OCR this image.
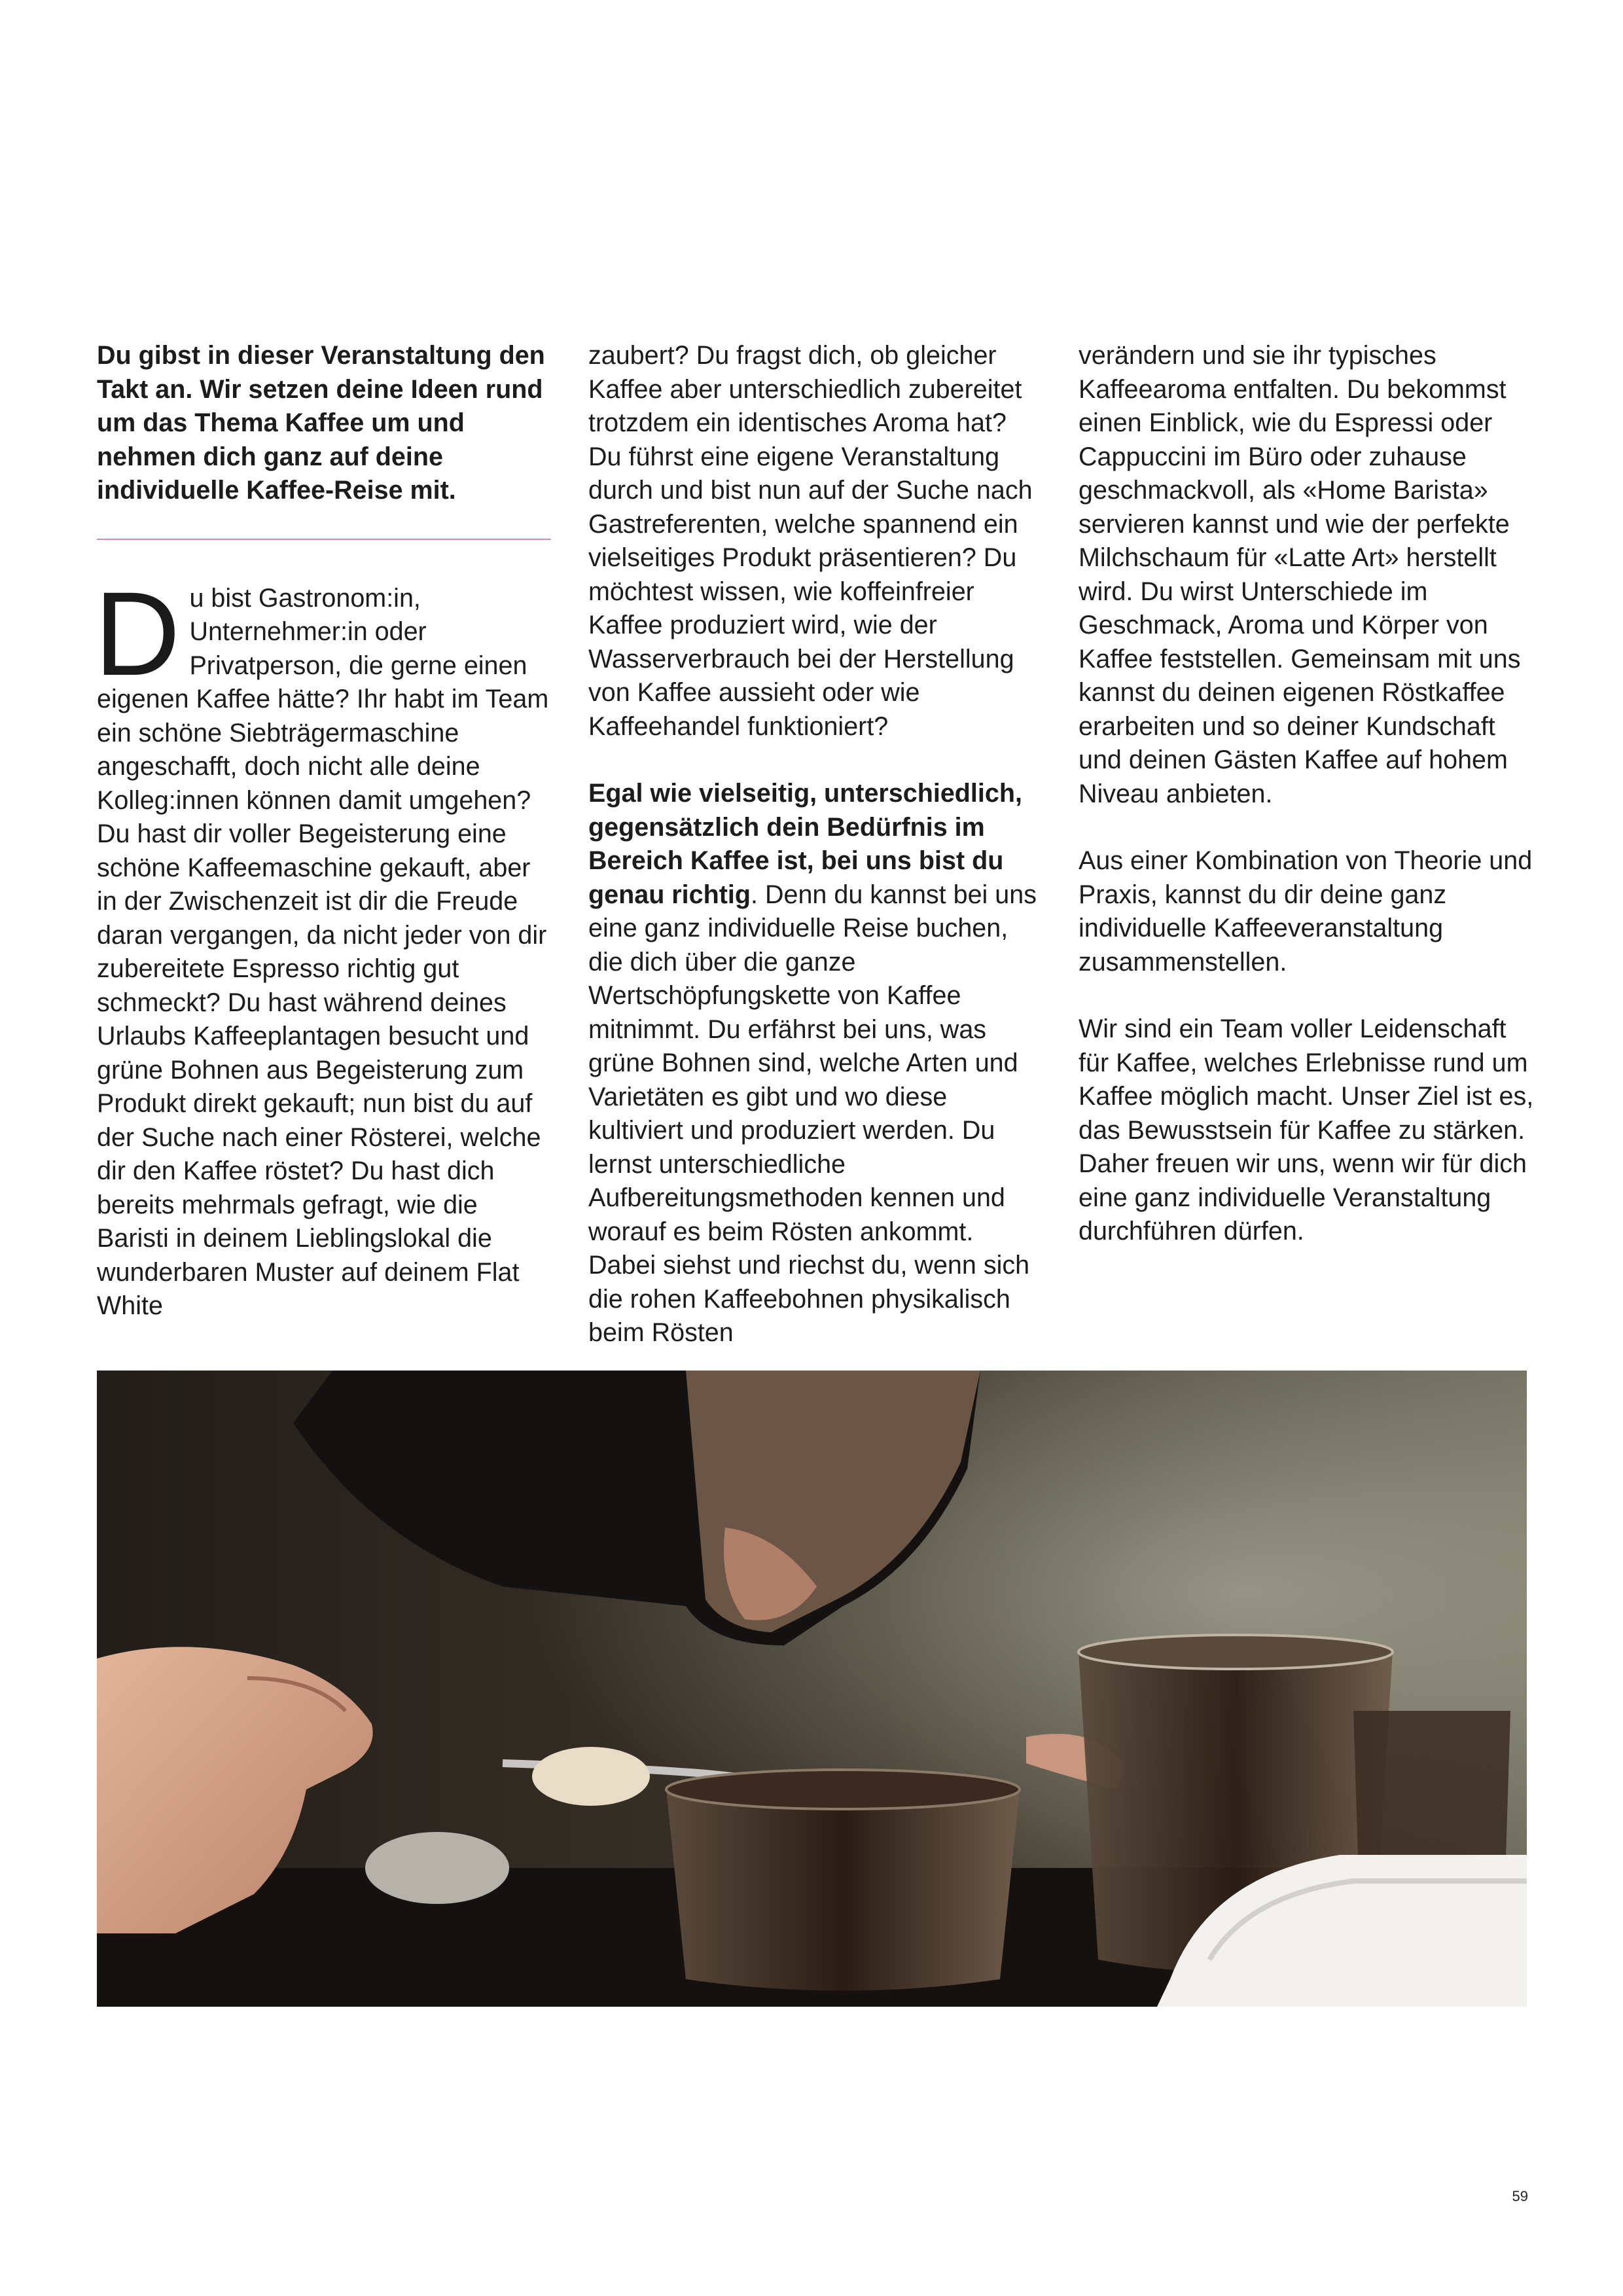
Du gibst in dieser Veranstaltung den Takt an. Wir setzen deine Ideen rund um das Thema Kaffee um und nehmen dich ganz auf deine individuelle Kaffee-Reise mit.

Du bist Gastronom:in, Unternehmer:in oder Privatperson, die gerne einen eigenen Kaffee hätte? Ihr habt im Team ein schöne Siebträgermaschine angeschafft, doch nicht alle deine Kolleg:innen können damit umgehen? Du hast dir voller Begeisterung eine schöne Kaffeemaschine gekauft, aber in der Zwischenzeit ist dir die Freude daran vergangen, da nicht jeder von dir zubereitete Espresso richtig gut schmeckt? Du hast während deines Urlaubs Kaffeeplantagen besucht und grüne Bohnen aus Begeisterung zum Produkt direkt gekauft; nun bist du auf der Suche nach einer Rösterei, welche dir den Kaffee röstet? Du hast dich bereits mehrmals gefragt, wie die Baristi in deinem Lieblingslokal die wunderbaren Muster auf deinem Flat White

zaubert? Du fragst dich, ob gleicher Kaffee aber unterschiedlich zubereitet trotzdem ein identisches Aroma hat? Du führst eine eigene Veranstaltung durch und bist nun auf der Suche nach Gastreferenten, welche spannend ein vielseitiges Produkt präsentieren? Du möchtest wissen, wie koffeinfreier Kaffee produziert wird, wie der Wasserverbrauch bei der Herstellung von Kaffee aussieht oder wie Kaffeehandel funktioniert?

Egal wie vielseitig, unterschiedlich, gegensätzlich dein Bedürfnis im Bereich Kaffee ist, bei uns bist du genau richtig. Denn du kannst bei uns eine ganz individuelle Reise buchen, die dich über die ganze Wertschöpfungskette von Kaffee mitnimmt. Du erfährst bei uns, was grüne Bohnen sind, welche Arten und Varietäten es gibt und wo diese kultiviert und produziert werden. Du lernst unterschiedliche Aufbereitungsmethoden kennen und worauf es beim Rösten ankommt. Dabei siehst und riechst du, wenn sich die rohen Kaffeebohnen physikalisch beim Rösten

verändern und sie ihr typisches Kaffeearoma entfalten. Du bekommst einen Einblick, wie du Espressi oder Cappuccini im Büro oder zuhause geschmackvoll, als «Home Barista» servieren kannst und wie der perfekte Milchschaum für «Latte Art» herstellt wird. Du wirst Unterschiede im Geschmack, Aroma und Körper von Kaffee feststellen. Gemeinsam mit uns kannst du deinen eigenen Röstkaffee erarbeiten und so deiner Kundschaft und deinen Gästen Kaffee auf hohem Niveau anbieten.

Aus einer Kombination von Theorie und Praxis, kannst du dir deine ganz individuelle Kaffeeveranstaltung zusammenstellen.

Wir sind ein Team voller Leidenschaft für Kaffee, welches Erlebnisse rund um Kaffee möglich macht. Unser Ziel ist es, das Bewusstsein für Kaffee zu stärken. Daher freuen wir uns, wenn wir für dich eine ganz individuelle Veranstaltung durchführen dürfen.

59
